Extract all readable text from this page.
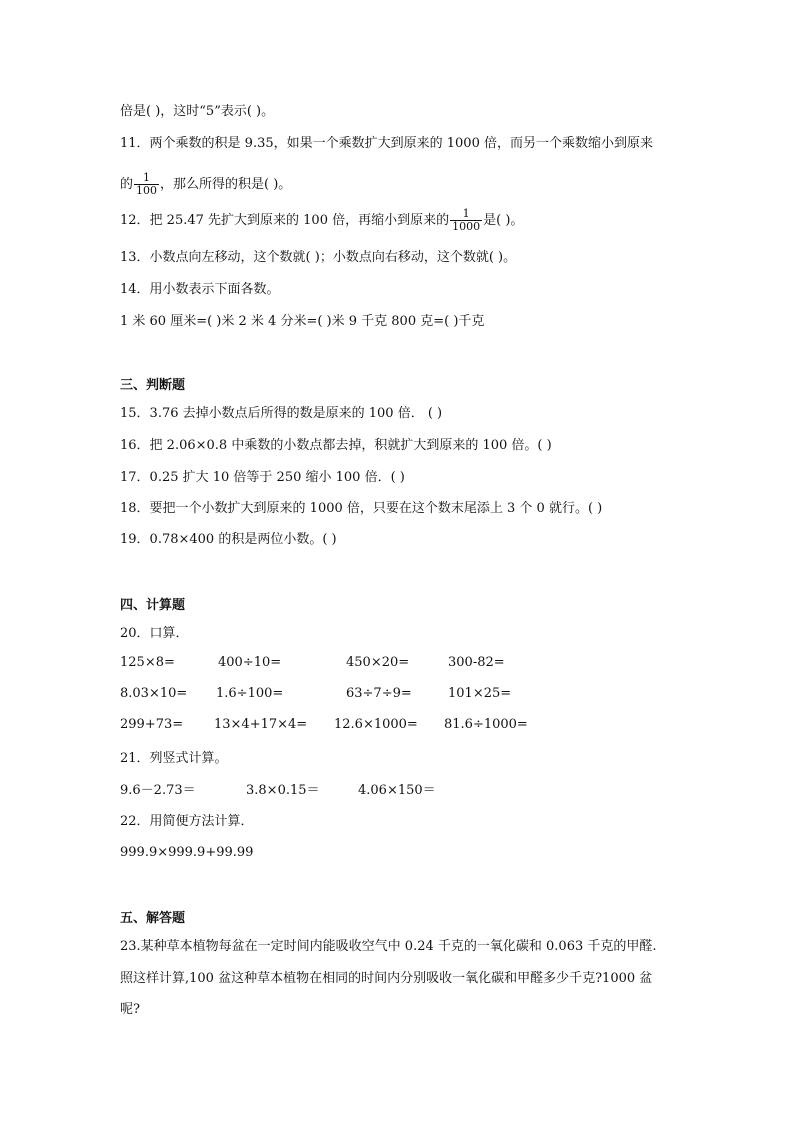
倍是( )，这时“5”表示( )。
11．两个乘数的积是 9.35，如果一个乘数扩大到原来的 1000 倍，而另一个乘数缩小到原来
的 $\frac{1}{100}$ ，那么所得的积是( )。
12．把 25.47 先扩大到原来的 100 倍，再缩小到原来的 $\frac{1}{1000}$ 是( )。
13．小数点向左移动，这个数就( )；小数点向右移动，这个数就( )。
14．用小数表示下面各数。
1 米 60 厘米=( )米 2 米 4 分米=( )米 9 千克 800 克=( )千克
三、判断题
15．3.76 去掉小数点后所得的数是原来的 100 倍． ( )
16．把 2.06×0.8 中乘数的小数点都去掉，积就扩大到原来的 100 倍。( )
17．0.25 扩大 10 倍等于 250 缩小 100 倍．( )
18．要把一个小数扩大到原来的 1000 倍，只要在这个数末尾添上 3 个 0 就行。( )
19．0.78×400 的积是两位小数。( )
四、计算题
20．口算．
125×8=	400÷10=	450×20=	300-82=
8.03×10= 1.6÷100=	63÷7÷9=	101×25=
299+73= 13×4+17×4= 12.6×1000= 81.6÷1000=
21．列竖式计算。
9.6－2.73＝	3.8×0.15＝	4.06×150＝
22．用简便方法计算．
999.9×999.9+99.99
五、解答题
23.某种草本植物每盆在一定时间内能吸收空气中 0.24 千克的一氧化碳和 0.063 千克的甲醛.
照这样计算,100 盆这种草本植物在相同的时间内分别吸收一氧化碳和甲醛多少千克?1000 盆
呢?
